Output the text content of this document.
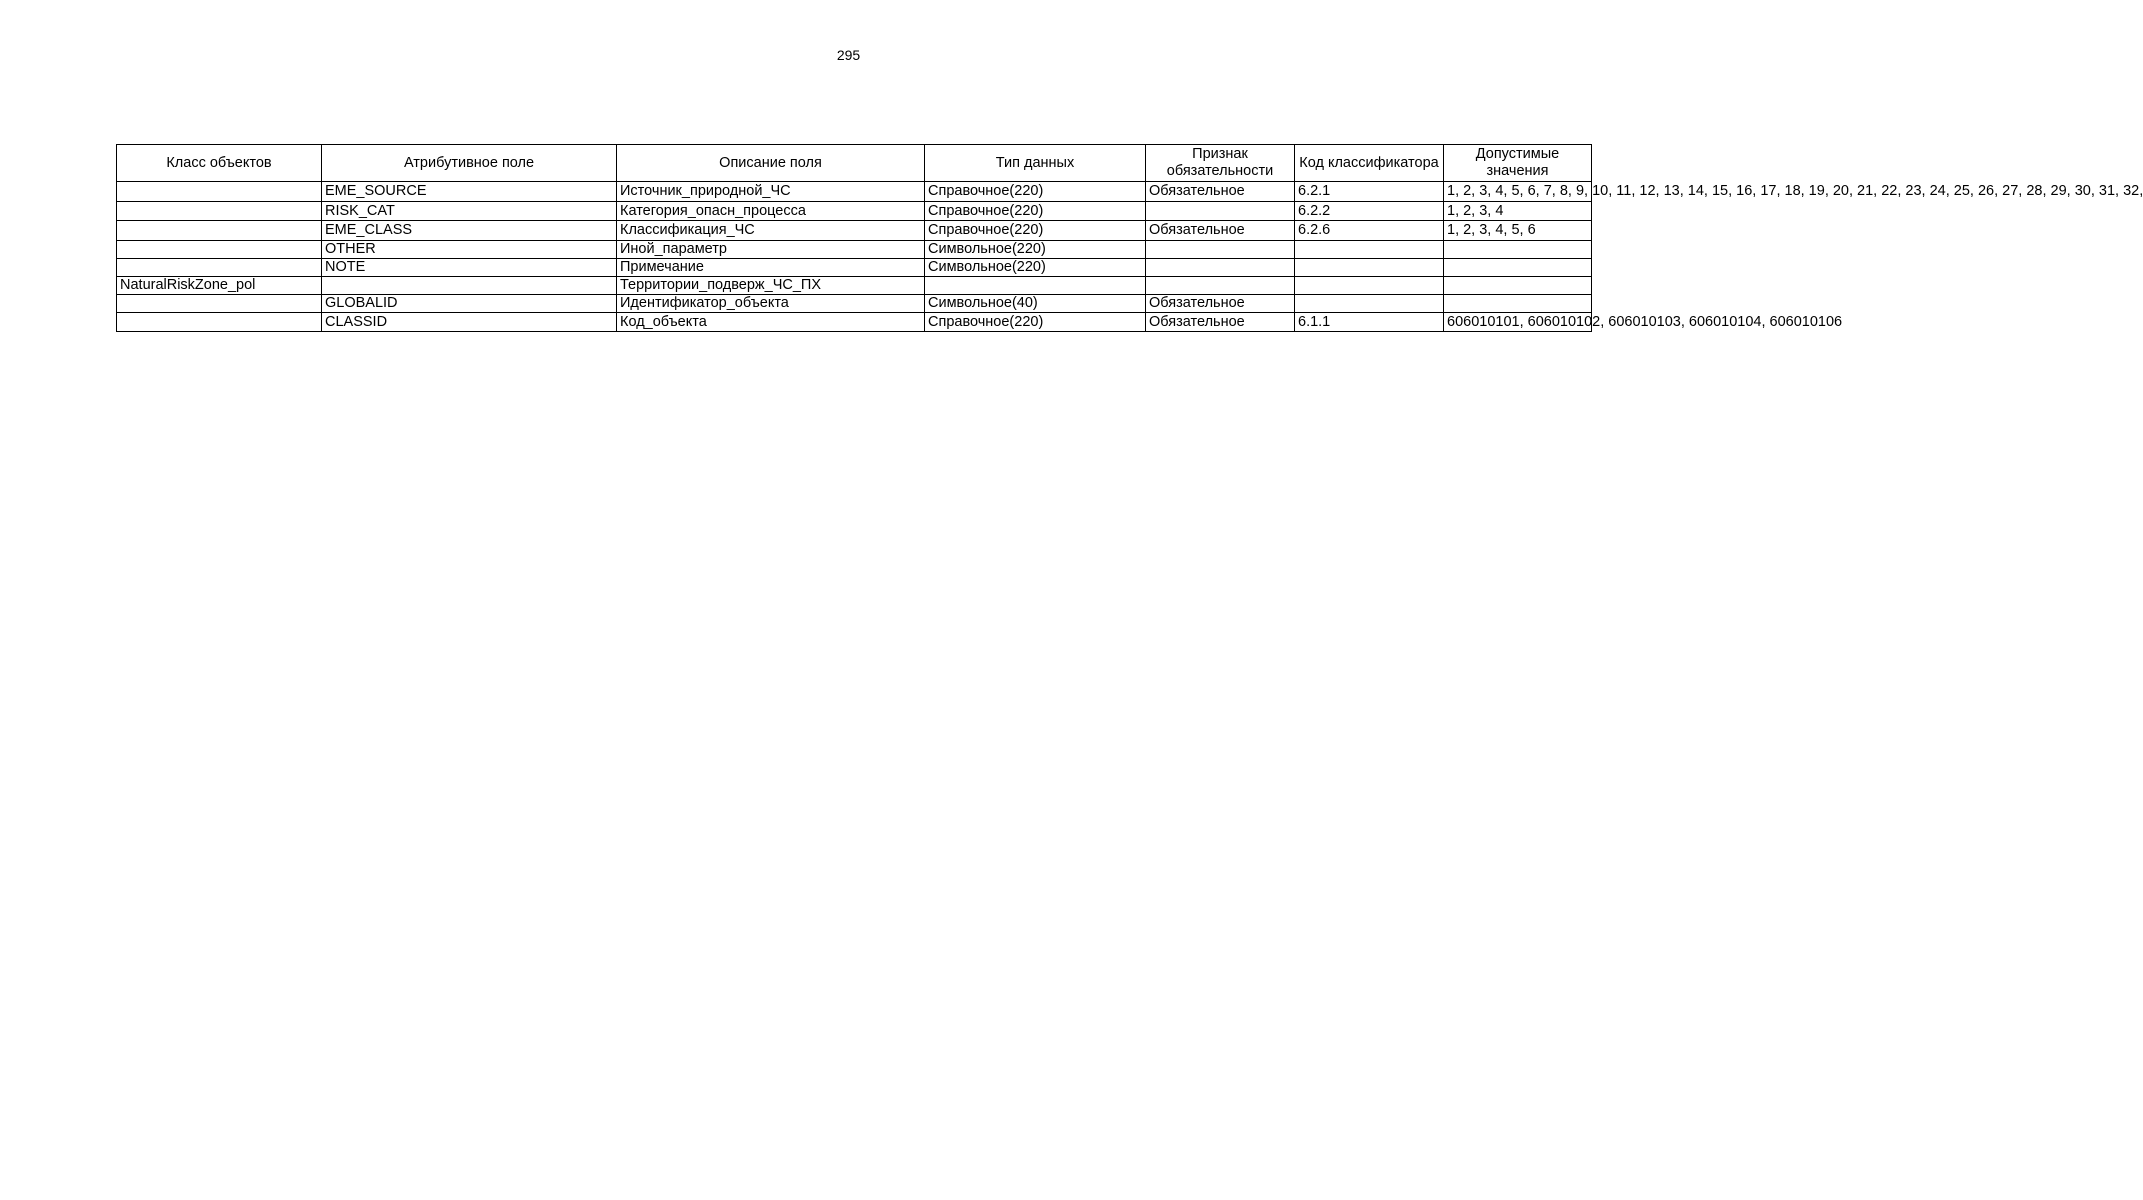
295
Класс объектов	Атрибутивное поле	Описание поля	Тип данных	Признак обязательности	Код классификатора	Допустимые значения
	EME_SOURCE	Источник_природной_ЧС	Справочное(220)	Обязательное	6.2.1	1, 2, 3, 4, 5, 6, 7, 8, 9, 10, 11, 12, 13, 14, 15, 16, 17, 18, 19, 20, 21, 22, 23, 24, 25, 26, 27, 28, 29, 30, 31, 32,
	RISK_CAT	Категория_опасн_процесса	Справочное(220)		6.2.2	1, 2, 3, 4
	EME_CLASS	Классификация_ЧС	Справочное(220)	Обязательное	6.2.6	1, 2, 3, 4, 5, 6
	OTHER	Иной_параметр	Символьное(220)			
	NOTE	Примечание	Символьное(220)			
NaturalRiskZone_pol		Территории_подверж_ЧС_ПХ				
	GLOBALID	Идентификатор_объекта	Символьное(40)	Обязательное		
	CLASSID	Код_объекта	Справочное(220)	Обязательное	6.1.1	606010101, 606010102, 606010103, 606010104, 606010106
